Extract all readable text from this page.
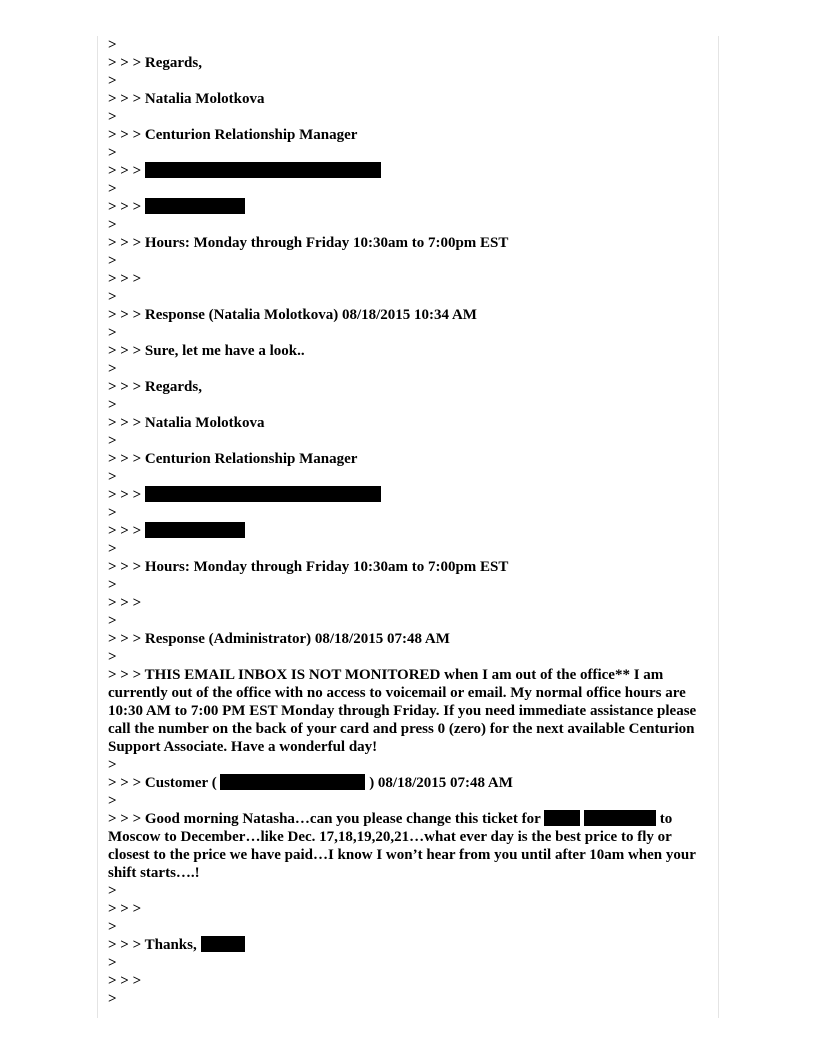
>
> > > Regards,
>
> > > Natalia Molotkova
>
> > > Centurion Relationship Manager
>
> > >
>
> > >
>
> > > Hours: Monday through Friday 10:30am to 7:00pm EST
>
> > >
>
> > > Response (Natalia Molotkova) 08/18/2015 10:34 AM
>
> > > Sure, let me have a look..
>
> > > Regards,
>
> > > Natalia Molotkova
>
> > > Centurion Relationship Manager
>
> > >
>
> > >
>
> > > Hours: Monday through Friday 10:30am to 7:00pm EST
>
> > >
>
> > > Response (Administrator) 08/18/2015 07:48 AM
>
> > > THIS EMAIL INBOX IS NOT MONITORED when I am out of the office** I am currently out of the office with no access to voicemail or email. My normal office hours are 10:30 AM to 7:00 PM EST Monday through Friday. If you need immediate assistance please call the number on the back of your card and press 0 (zero) for the next available Centurion Support Associate. Have a wonderful day!
>
> > > Customer (	) 08/18/2015 07:48 AM
>
> > > Good morning Natasha…can you please change this ticket for	to Moscow to December…like Dec. 17,18,19,20,21…what ever day is the best price to fly or closest to the price we have paid…I know I won’t hear from you until after 10am when your shift starts….!
>
> > >
>
> > > Thanks,
>
> > >
>
